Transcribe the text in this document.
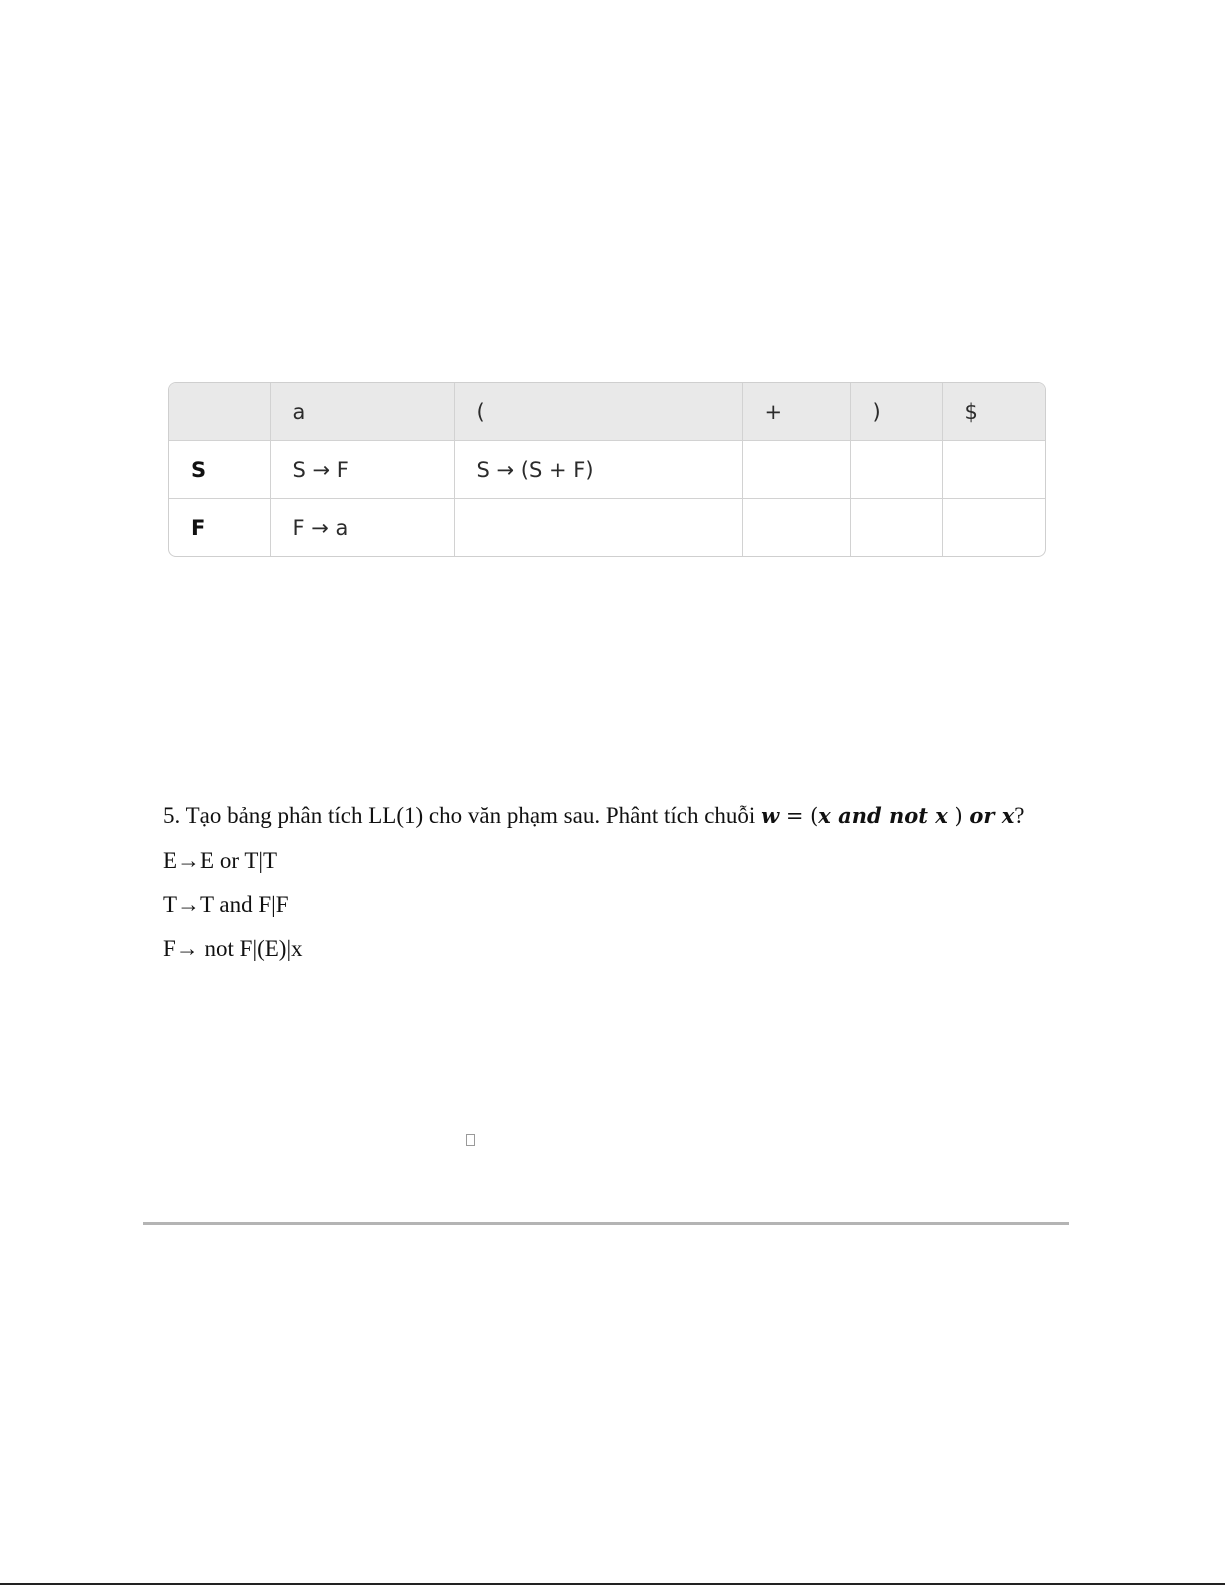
	a	(	+	)	$
S	S → F	S → (S + F)			
F	F → a				
5. Tạo bảng phân tích LL(1) cho văn phạm sau. Phânt tích chuỗi w = (x and not x ) or x?
E→E or T|T
T→T and F|F
F→ not F|(E)|x
